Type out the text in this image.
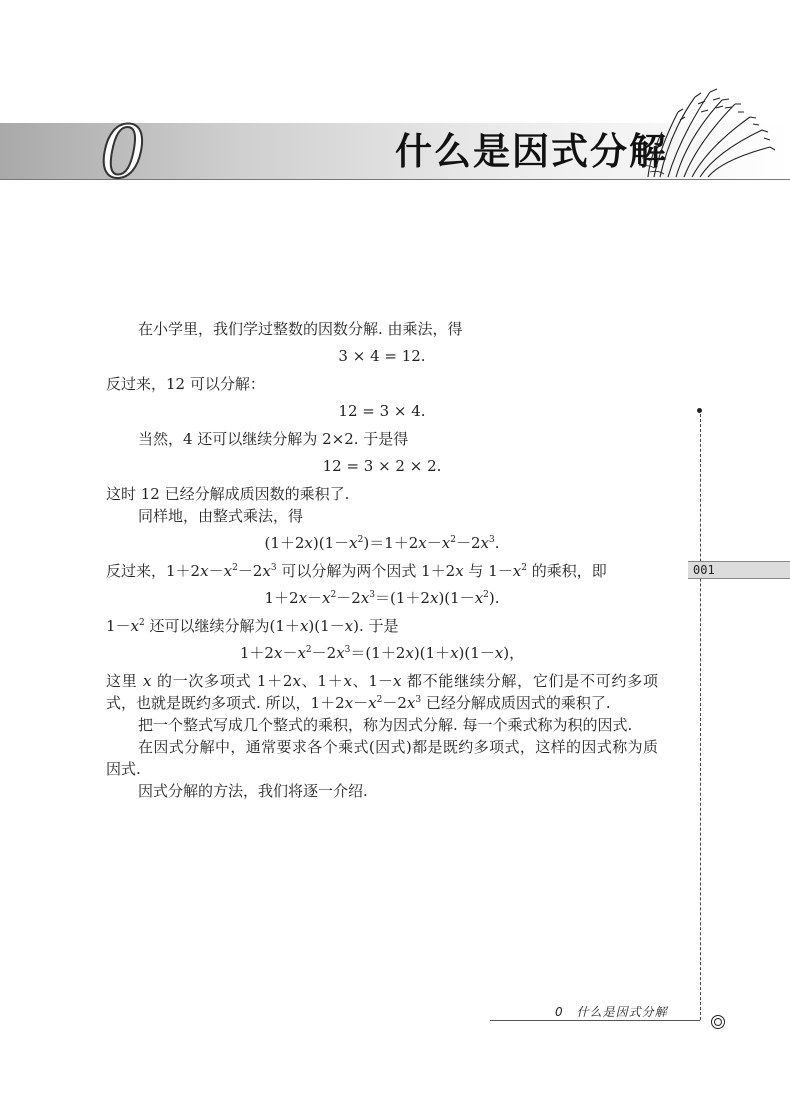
0	什么是因式分解

在小学里，我们学过整数的因数分解. 由乘法，得

3 × 4 = 12.

反过来，12 可以分解：

12 = 3 × 4.

当然，4 还可以继续分解为 2×2. 于是得

12 = 3 × 2 × 2.

这时 12 已经分解成质因数的乘积了.

同样地，由整式乘法，得

$(1+2x)(1-x^2)=1+2x-x^2-2x^3$.

反过来，$1+2x-x^2-2x^3$ 可以分解为两个因式 1＋2x 与 $1-x^2$ 的乘积，即

$1+2x-x^2-2x^3=(1+2x)(1-x^2)$.

$1-x^2$ 还可以继续分解为(1＋x)(1－x). 于是

$1+2x-x^2-2x^3=(1+2x)(1+x)(1-x)$，

这里 x 的一次多项式 1＋2x、1＋x、1－x 都不能继续分解，它们是不可约多项式，也就是既约多项式. 所以，$1+2x-x^2-2x^3$ 已经分解成质因式的乘积了.

把一个整式写成几个整式的乘积，称为因式分解. 每一个乘式称为积的因式.

在因式分解中，通常要求各个乘式(因式)都是既约多项式，这样的因式称为质因式.

因式分解的方法，我们将逐一介绍.

001
0　什么是因式分解
